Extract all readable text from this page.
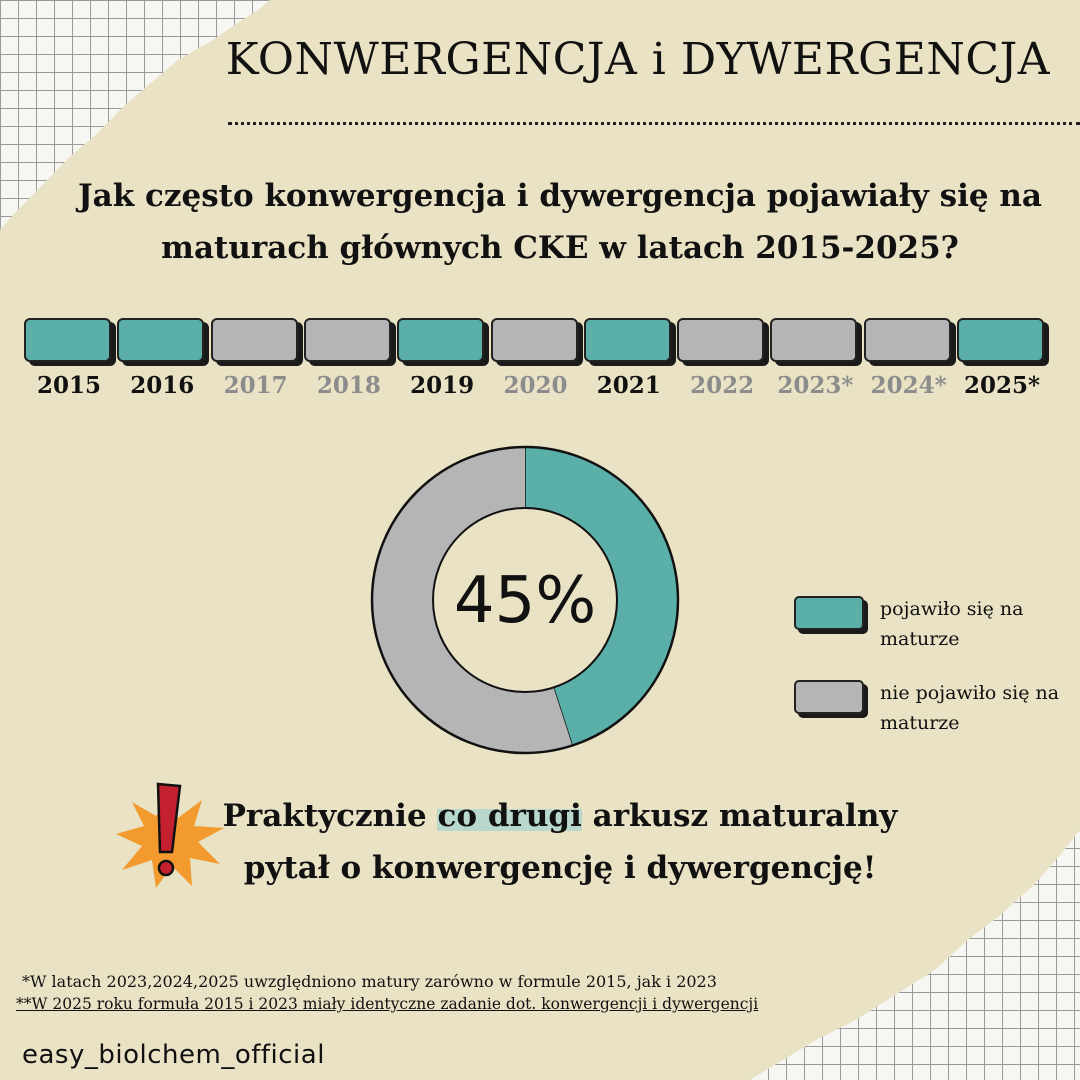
KONWERGENCJA i DYWERGENCJA
Jak często konwergencja i dywergencja pojawiały się na
maturach głównych CKE w latach 2015-2025?
2015	2016	2017	2018	2019	2020	2021	2022	2023* 2024* 2025*
45%	pojawiło się na maturze
nie pojawiło się na maturze
Praktycznie co drugi arkusz maturalny
pytał o konwergencję i dywergencję!
*W latach 2023,2024,2025 uwzględniono matury zarówno w formule 2015, jak i 2023
**W 2025 roku formuła 2015 i 2023 miały identyczne zadanie dot. konwergencji i dywergencji
easy_biolchem_official
